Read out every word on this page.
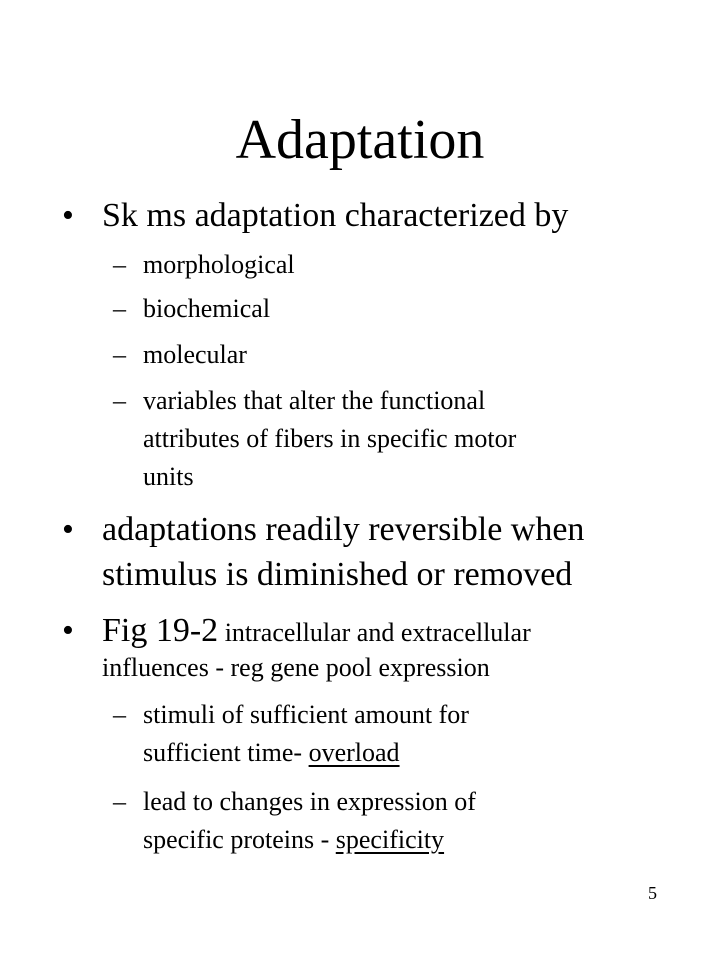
Adaptation
• Sk ms adaptation characterized by
– morphological
– biochemical
– molecular
– variables that alter the functional
attributes of fibers in specific motor
units
• adaptations readily reversible when
stimulus is diminished or removed
• Fig 19-2 intracellular and extracellular
influences - reg gene pool expression
– stimuli of sufficient amount for
sufficient time- overload
– lead to changes in expression of
specific proteins - specificity
5
